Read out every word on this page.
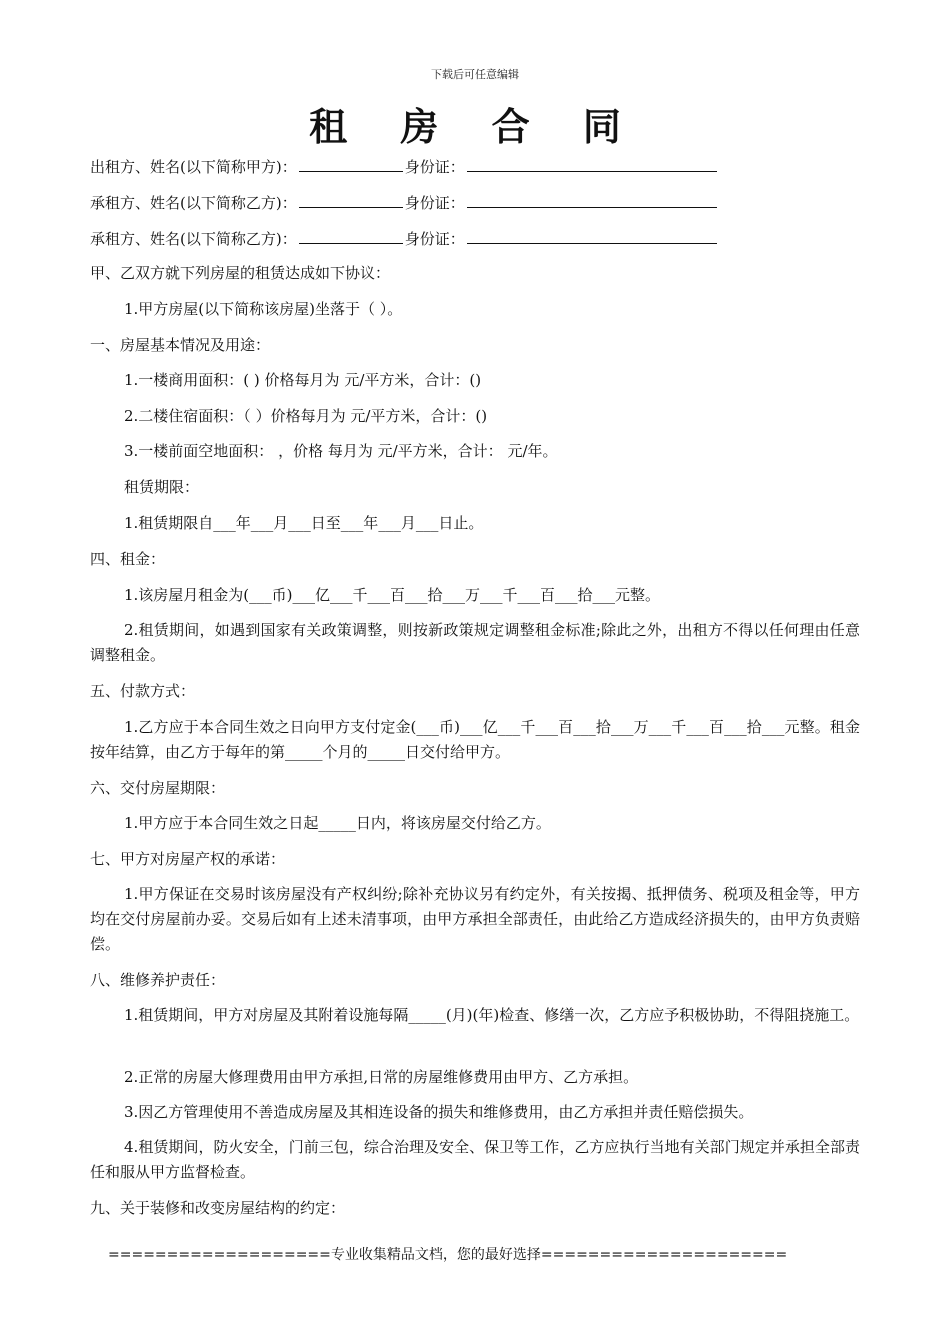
下载后可任意编辑
租 房 合 同
出租方、姓名(以下简称甲方)：	身份证：
承租方、姓名(以下简称乙方)：	身份证：
承租方、姓名(以下简称乙方)：	身份证：
甲、乙双方就下列房屋的租赁达成如下协议：
1.甲方房屋(以下简称该房屋)坐落于（ ）。
一、房屋基本情况及用途：
1.一楼商用面积：( ) 价格每月为 元/平方米，合计：()
2.二楼住宿面积：（ ）价格每月为 元/平方米，合计：()
3.一楼前面空地面积： ，价格 每月为 元/平方米，合计： 元/年。
租赁期限：
1.租赁期限自___年___月___日至___年___月___日止。
四、租金：
1.该房屋月租金为(___币)___亿___千___百___拾___万___千___百___拾___元整。
2.租赁期间，如遇到国家有关政策调整，则按新政策规定调整租金标准;除此之外，出租方不得以任何理由任意调整租金。
五、付款方式：
1.乙方应于本合同生效之日向甲方支付定金(___币)___亿___千___百___拾___万___千___百___拾___元整。租金按年结算，由乙方于每年的第_____个月的_____日交付给甲方。
六、交付房屋期限：
1.甲方应于本合同生效之日起_____日内，将该房屋交付给乙方。
七、甲方对房屋产权的承诺：
1.甲方保证在交易时该房屋没有产权纠纷;除补充协议另有约定外，有关按揭、抵押债务、税项及租金等，甲方均在交付房屋前办妥。交易后如有上述未清事项，由甲方承担全部责任，由此给乙方造成经济损失的，由甲方负责赔偿。
八、维修养护责任：
1.租赁期间，甲方对房屋及其附着设施每隔_____(月)(年)检查、修缮一次，乙方应予积极协助，不得阻挠施工。
2.正常的房屋大修理费用由甲方承担,日常的房屋维修费用由甲方、乙方承担。
3.因乙方管理使用不善造成房屋及其相连设备的损失和维修费用，由乙方承担并责任赔偿损失。
4.租赁期间，防火安全，门前三包，综合治理及安全、保卫等工作，乙方应执行当地有关部门规定并承担全部责任和服从甲方监督检查。
九、关于装修和改变房屋结构的约定：
===================专业收集精品文档，您的最好选择=====================
